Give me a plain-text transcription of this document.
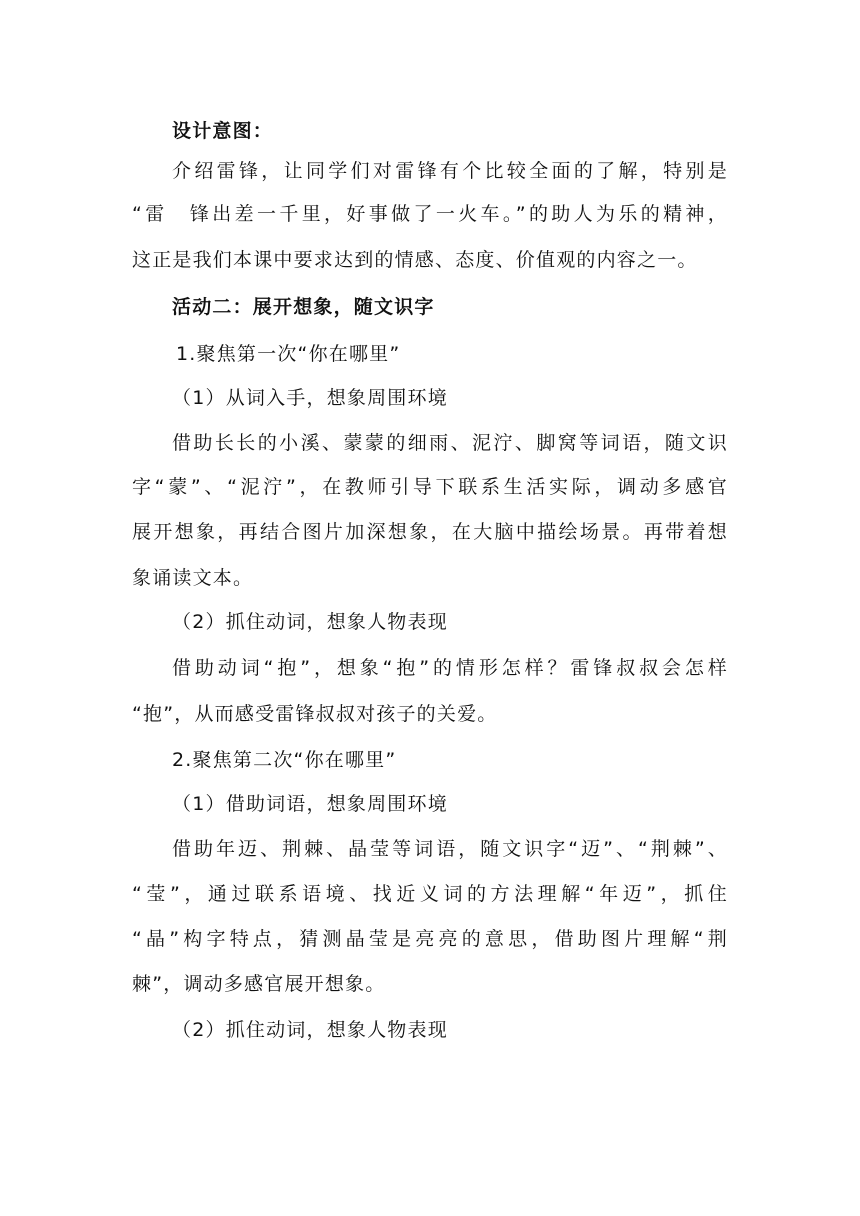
设计意图：
介绍雷锋，让同学们对雷锋有个比较全面的了解，特别是
“雷　锋出差一千里，好事做了一火车。”的助人为乐的精神，
这正是我们本课中要求达到的情感、态度、价值观的内容之一。
活动二：展开想象，随文识字
1.聚焦第一次“你在哪里”
（1）从词入手，想象周围环境
借助长长的小溪、蒙蒙的细雨、泥泞、脚窝等词语，随文识
字“蒙”、“泥泞”，在教师引导下联系生活实际，调动多感官
展开想象，再结合图片加深想象，在大脑中描绘场景。再带着想
象诵读文本。
（2）抓住动词，想象人物表现
借助动词“抱”，想象“抱”的情形怎样？雷锋叔叔会怎样
“抱”，从而感受雷锋叔叔对孩子的关爱。
2.聚焦第二次“你在哪里”
（1）借助词语，想象周围环境
借助年迈、荆棘、晶莹等词语，随文识字“迈”、“荆棘”、
“莹”，通过联系语境、找近义词的方法理解“年迈”，抓住
“晶”构字特点，猜测晶莹是亮亮的意思，借助图片理解“荆
棘”，调动多感官展开想象。
（2）抓住动词，想象人物表现
